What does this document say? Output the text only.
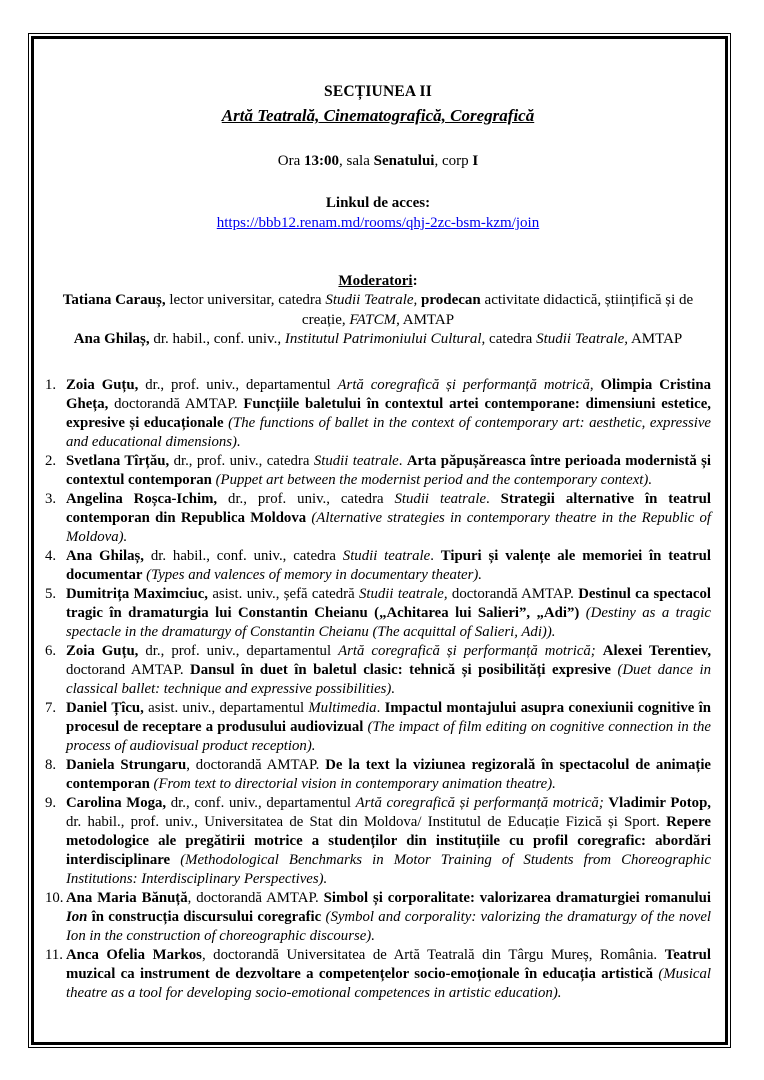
SECȚIUNEA II
Artă Teatrală, Cinematografică, Coregrafică
Ora 13:00, sala Senatului, corp I
Linkul de acces:
https://bbb12.renam.md/rooms/qhj-2zc-bsm-kzm/join
Moderatori:
Tatiana Carauș, lector universitar, catedra Studii Teatrale, prodecan activitate didactică, științifică și de creație, FATCM, AMTAP
Ana Ghilaș, dr. habil., conf. univ., Institutul Patrimoniului Cultural, catedra Studii Teatrale, AMTAP
1. Zoia Guțu, dr., prof. univ., departamentul Artă coregrafică și performanță motrică, Olimpia Cristina Gheța, doctorandă AMTAP. Funcțiile baletului în contextul artei contemporane: dimensiuni estetice, expresive și educaționale (The functions of ballet in the context of contemporary art: aesthetic, expressive and educational dimensions).
2. Svetlana Tîrțău, dr., prof. univ., catedra Studii teatrale. Arta păpușăreasca între perioada modernistă și contextul contemporan (Puppet art between the modernist period and the contemporary context).
3. Angelina Roșca-Ichim, dr., prof. univ., catedra Studii teatrale. Strategii alternative în teatrul contemporan din Republica Moldova (Alternative strategies in contemporary theatre in the Republic of Moldova).
4. Ana Ghilaș, dr. habil., conf. univ., catedra Studii teatrale. Tipuri și valențe ale memoriei în teatrul documentar (Types and valences of memory in documentary theater).
5. Dumitrița Maximciuc, asist. univ., șefă catedră Studii teatrale, doctorandă AMTAP. Destinul ca spectacol tragic în dramaturgia lui Constantin Cheianu („Achitarea lui Salieri”, „Adi”) (Destiny as a tragic spectacle in the dramaturgy of Constantin Cheianu (The acquittal of Salieri, Adi)).
6. Zoia Guțu, dr., prof. univ., departamentul Artă coregrafică și performanță motrică; Alexei Terentiev, doctorand AMTAP. Dansul în duet în baletul clasic: tehnică și posibilități expresive (Duet dance in classical ballet: technique and expressive possibilities).
7. Daniel Țîcu, asist. univ., departamentul Multimedia. Impactul montajului asupra conexiunii cognitive în procesul de receptare a produsului audiovizual (The impact of film editing on cognitive connection in the process of audiovisual product reception).
8. Daniela Strungaru, doctorandă AMTAP. De la text la viziunea regizorală în spectacolul de animație contemporan (From text to directorial vision in contemporary animation theatre).
9. Carolina Moga, dr., conf. univ., departamentul Artă coregrafică și performanță motrică; Vladimir Potop, dr. habil., prof. univ., Universitatea de Stat din Moldova/ Institutul de Educație Fizică și Sport. Repere metodologice ale pregătirii motrice a studenților din instituțiile cu profil coregrafic: abordări interdisciplinare (Methodological Benchmarks in Motor Training of Students from Choreographic Institutions: Interdisciplinary Perspectives).
10. Ana Maria Bănuță, doctorandă AMTAP. Simbol și corporalitate: valorizarea dramaturgiei romanului Ion în construcția discursului coregrafic (Symbol and corporality: valorizing the dramaturgy of the novel Ion in the construction of choreographic discourse).
11. Anca Ofelia Markos, doctorandă Universitatea de Artă Teatrală din Târgu Mureș, România. Teatrul muzical ca instrument de dezvoltare a competențelor socio-emoționale în educația artistică (Musical theatre as a tool for developing socio-emotional competences in artistic education).
